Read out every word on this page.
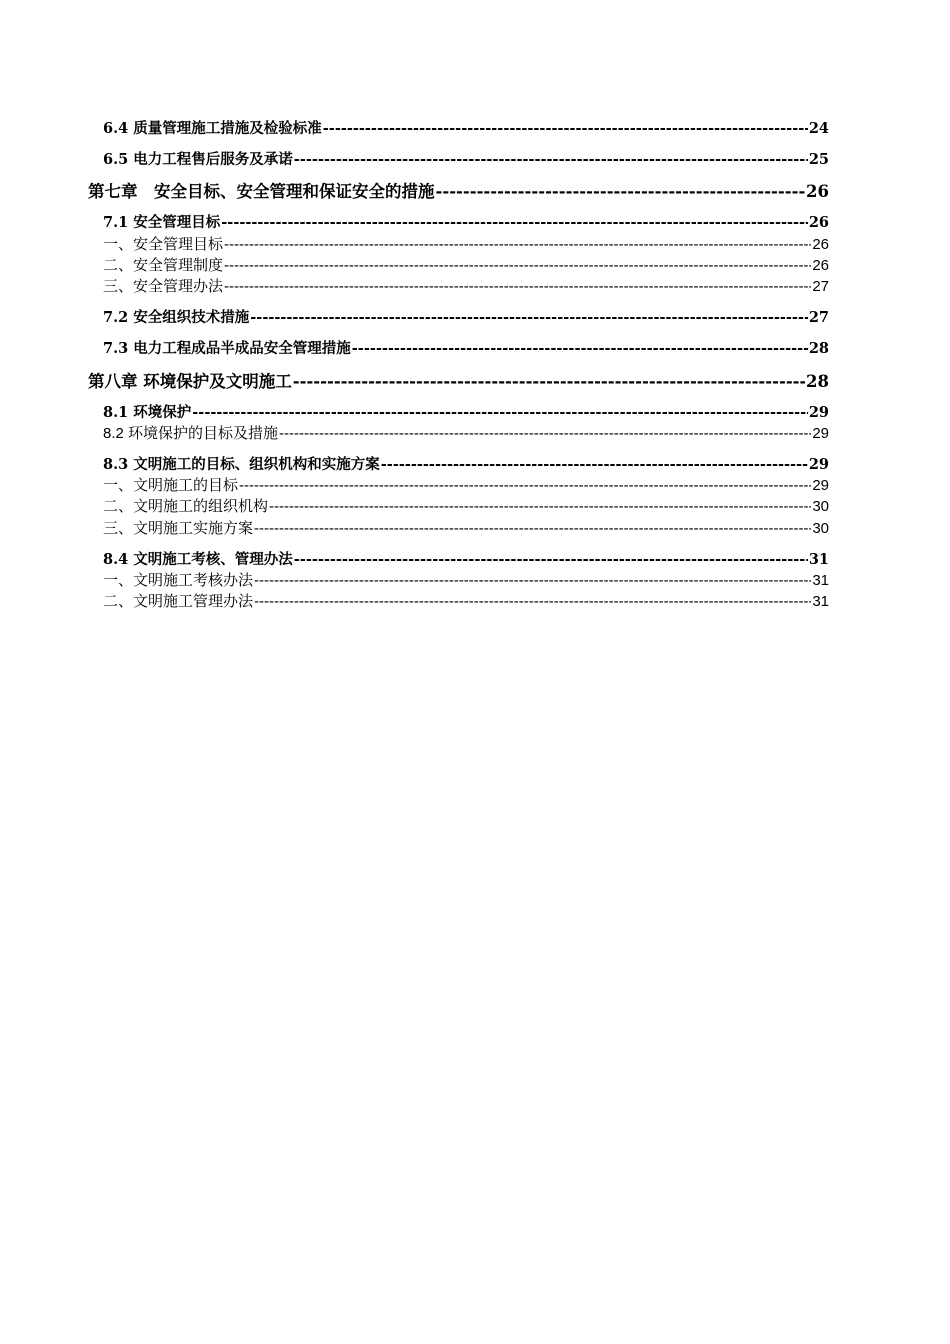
6.4 质量管理施工措施及检验标准 -----	24
6.5 电力工程售后服务及承诺 -----	25
第七章　安全目标、安全管理和保证安全的措施 -----	26
7.1 安全管理目标 -----	26
一、安全管理目标 -----	26
二、安全管理制度 -----	26
三、安全管理办法 -----	27
7.2 安全组织技术措施 -----	27
7.3 电力工程成品半成品安全管理措施 -----	28
第八章 环境保护及文明施工 -----	28
8.1 环境保护 -----	29
8.2 环境保护的目标及措施 -----	29
8.3 文明施工的目标、组织机构和实施方案 -----	29
一、文明施工的目标 -----	29
二、文明施工的组织机构 -----	30
三、文明施工实施方案 -----	30
8.4 文明施工考核、管理办法 -----	31
一、文明施工考核办法 -----	31
二、文明施工管理办法 -----	31
